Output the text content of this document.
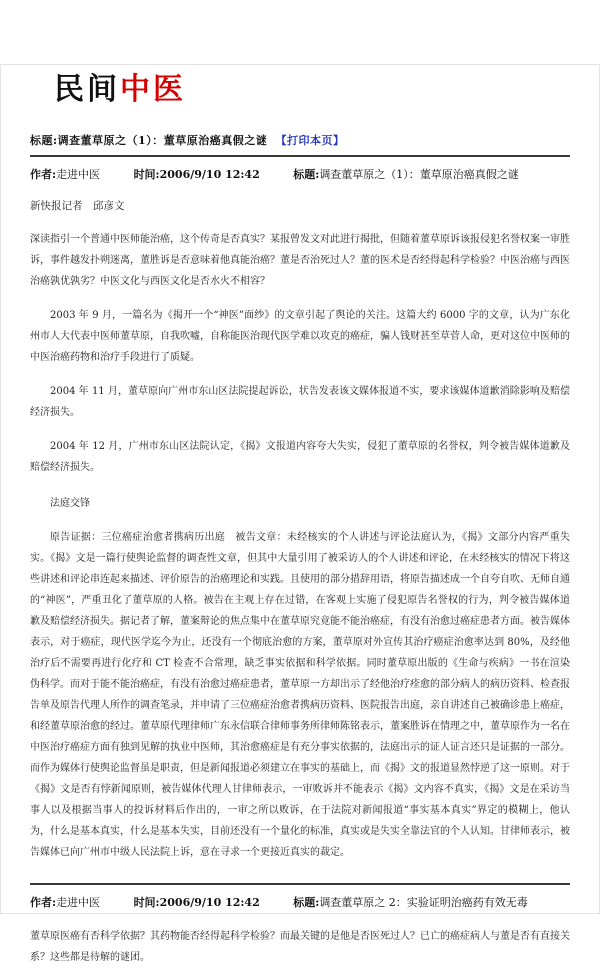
民间中医
标题:调查董草原之（1）：董草原治癌真假之谜 【打印本页】
作者:走进中医	时间:2006/9/10 12:42	标题:调查董草原之（1）：董草原治癌真假之谜

新快报记者　邱彦文

深读指引一个普通中医师能治癌，这个传奇是否真实？某报曾发文对此进行揭批，但随着董草原诉该报侵犯名誉权案一审胜诉，事件越发扑朔迷离，董胜诉是否意味着他真能治癌？董是否治死过人？董的医术是否经得起科学检验？中医治癌与西医治癌孰优孰劣？中医文化与西医文化是否水火不相容？

2003 年 9 月，一篇名为《揭开一个“神医”面纱》的文章引起了舆论的关注。这篇大约 6000 字的文章，认为广东化州市人大代表中医师董草原，自我吹嘘，自称能医治现代医学难以攻克的癌症，骗人钱财甚至草菅人命，更对这位中医师的中医治癌药物和治疗手段进行了质疑。

2004 年 11 月，董草原向广州市东山区法院提起诉讼，状告发表该文媒体报道不实，要求该媒体道歉消除影响及赔偿经济损失。

2004 年 12 月，广州市东山区法院认定，《揭》文报道内容夸大失实，侵犯了董草原的名誉权，判令被告媒体道歉及赔偿经济损失。

法庭交锋

原告证据：三位癌症治愈者携病历出庭　被告文章：未经核实的个人讲述与评论法庭认为，《揭》文部分内容严重失实。《揭》文是一篇行使舆论监督的调查性文章，但其中大量引用了被采访人的个人讲述和评论，在未经核实的情况下将这些讲述和评论串连起来描述、评价原告的治癌理论和实践。且使用的部分措辞用语，将原告描述成一个自夸自吹、无师自通的“神医”，严重丑化了董草原的人格。被告在主观上存在过错，在客观上实施了侵犯原告名誉权的行为，判令被告媒体道歉及赔偿经济损失。据记者了解，董案辩论的焦点集中在董草原究竟能不能治癌症，有没有治愈过癌症患者方面。被告媒体表示，对于癌症，现代医学迄今为止，还没有一个彻底治愈的方案，董草原对外宣传其治疗癌症治愈率达到 80%，及经他治疗后不需要再进行化疗和 CT 检查不合常理，缺乏事实依据和科学依据。同时董草原出版的《生命与疾病》一书在渲染伪科学。而对于能不能治癌症，有没有治愈过癌症患者，董草原一方却出示了经他治疗痊愈的部分病人的病历资料、检查报告单及原告代理人所作的调查笔录，并申请了三位癌症治愈者携病历资料、医院报告出庭，亲自讲述自己被确诊患上癌症，和经董草原治愈的经过。董草原代理律师广东永信联合律师事务所律师陈铭表示，董案胜诉在情理之中，董草原作为一名在中医治疗癌症方面有独到见解的执业中医师，其治愈癌症是有充分事实依据的，法庭出示的证人证言还只是证据的一部分。而作为媒体行使舆论监督虽是职责，但是新闻报道必须建立在事实的基础上，而《揭》文的报道显然悖逆了这一原则。对于《揭》文是否有悖新闻原则，被告媒体代理人甘律师表示，一审败诉并不能表示《揭》文内容不真实，《揭》文是在采访当事人以及根据当事人的投诉材料后作出的，一审之所以败诉，在于法院对新闻报道“事实基本真实”界定的模糊上，他认为，什么是基本真实，什么是基本失实，目前还没有一个量化的标准，真实或是失实全靠法官的个人认知。甘律师表示，被告媒体已向广州市中级人民法院上诉，意在寻求一个更接近真实的裁定。

作者:走进中医	时间:2006/9/10 12:42	标题:调查董草原之 2：实验证明治癌药有效无毒

董草原医癌有否科学依据？其药物能否经得起科学检验？而最关键的是他是否医死过人？已亡的癌症病人与董是否有直接关系？这些都是待解的谜团。
